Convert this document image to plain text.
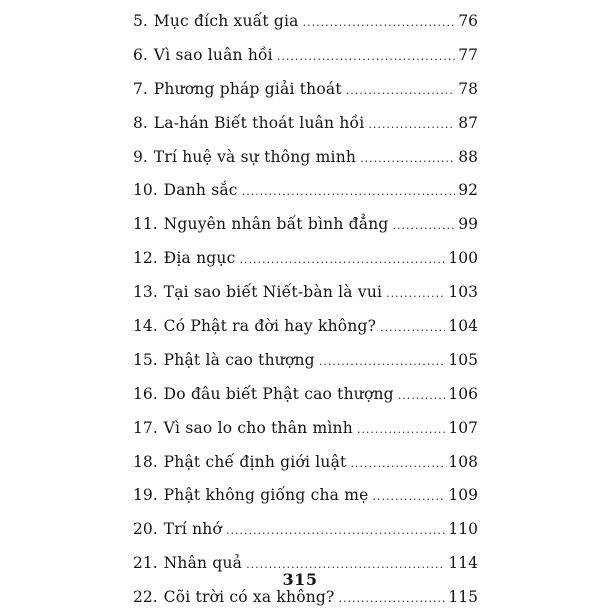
5. Mục đích xuất gia .....	76
6. Vì sao luân hồi .....	77
7. Phương pháp giải thoát .....	78
8. La-hán Biết thoát luân hồi .....	87
9. Trí huệ và sự thông minh .....	88
10. Danh sắc .....	92
11. Nguyên nhân bất bình đẳng .....	99
12. Địa ngục .....	100
13. Tại sao biết Niết-bàn là vui .....	103
14. Có Phật ra đời hay không? .....	104
15. Phật là cao thượng .....	105
16. Do đâu biết Phật cao thượng .....	106
17. Vì sao lo cho thân mình .....	107
18. Phật chế định giới luật .....	108
19. Phật không giống cha mẹ .....	109
20. Trí nhớ .....	110
21. Nhân quả .....	114
22. Cõi trời có xa không? .....	115
315
